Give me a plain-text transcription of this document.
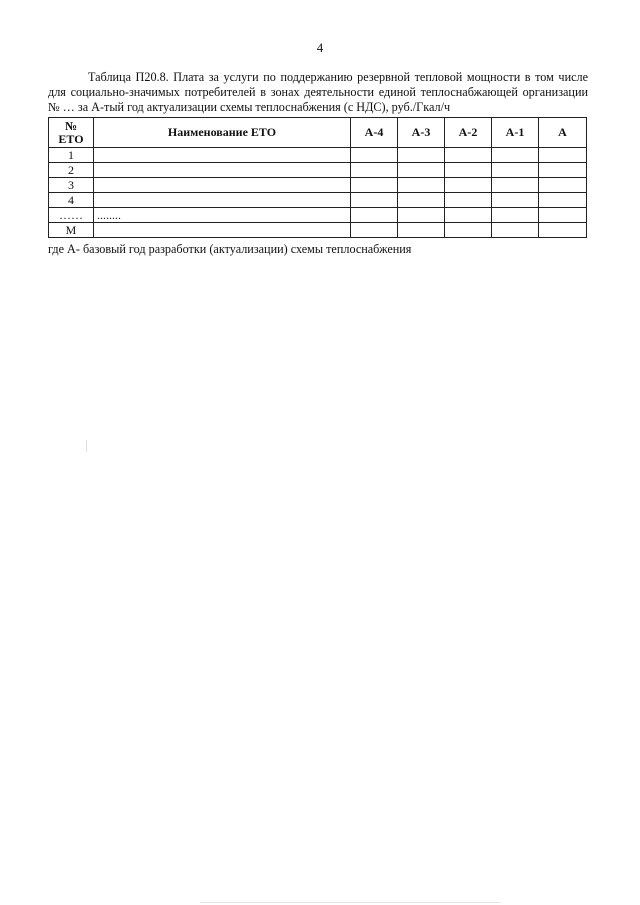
4

Таблица П20.8. Плата за услуги по поддержанию резервной тепловой мощности в том числе для социально-значимых потребителей в зонах деятельности единой теплоснабжающей организации № … за А-тый год актуализации схемы теплоснабжения (с НДС), руб./Гкал/ч

№
ЕТО	Наименование ЕТО	А-4	А-3	А-2	А-1	А
1						
2						
3						
4						
……	........					
М						
где А- базовый год разработки (актуализации) схемы теплоснабжения
